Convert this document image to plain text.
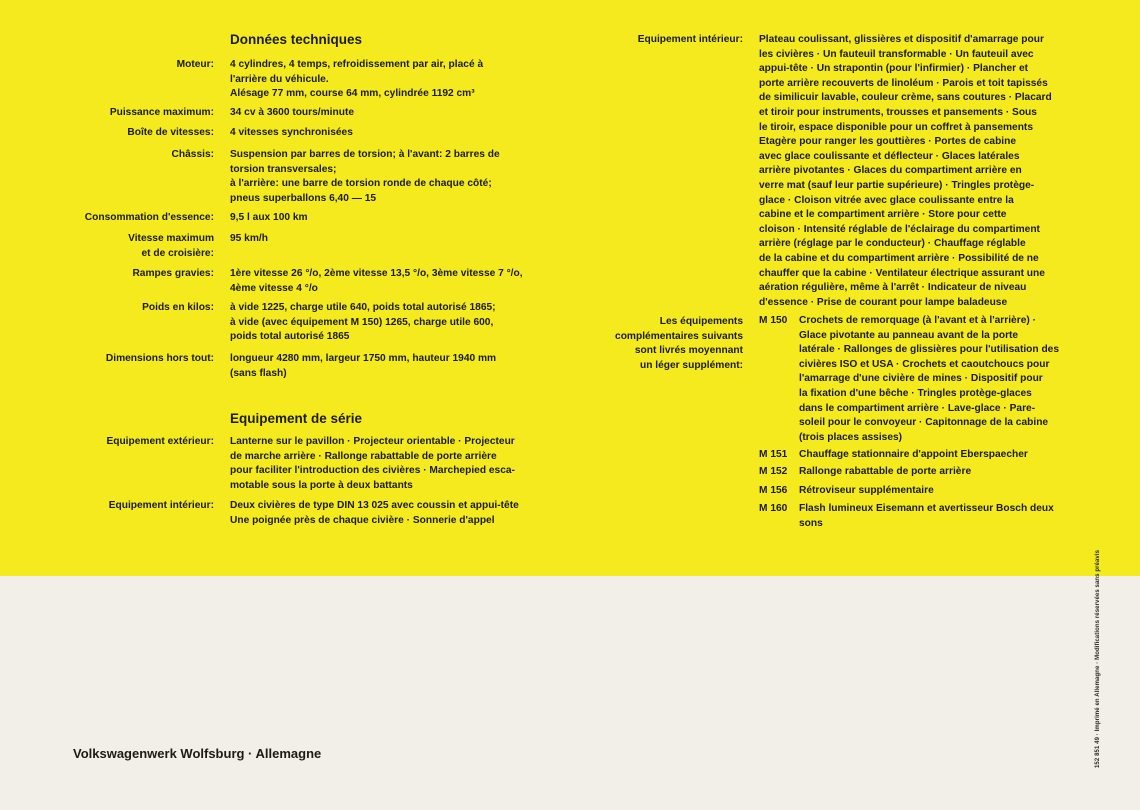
Données techniques
Moteur: 4 cylindres, 4 temps, refroidissement par air, placé à
l'arrière du véhicule.
Alésage 77 mm, course 64 mm, cylindrée 1192 cm³
Puissance maximum: 34 cv à 3600 tours/minute
Boîte de vitesses: 4 vitesses synchronisées
Châssis: Suspension par barres de torsion; à l'avant: 2 barres de
torsion transversales;
à l'arrière: une barre de torsion ronde de chaque côté;
pneus superballons 6,40 — 15
Consommation d'essence: 9,5 l aux 100 km
Vitesse maximum
et de croisière:
95 km/h
Rampes gravies: 1ère vitesse 26 °/o, 2ème vitesse 13,5 °/o, 3ème vitesse 7 °/o,
4ème vitesse 4 °/o
Poids en kilos: à vide 1225, charge utile 640, poids total autorisé 1865;
à vide (avec équipement M 150) 1265, charge utile 600,
poids total autorisé 1865
Dimensions hors tout: longueur 4280 mm, largeur 1750 mm, hauteur 1940 mm
(sans flash)
Equipement de série
Equipement extérieur: Lanterne sur le pavillon · Projecteur orientable · Projecteur
de marche arrière · Rallonge rabattable de porte arrière
pour faciliter l'introduction des civières · Marchepied esca-
motable sous la porte à deux battants
Equipement intérieur: Deux civières de type DIN 13 025 avec coussin et appui-tête
Une poignée près de chaque civière · Sonnerie d'appel
Equipement intérieur: Plateau coulissant, glissières et dispositif d'amarrage pour
les civières · Un fauteuil transformable · Un fauteuil avec
appui-tête · Un strapontin (pour l'infirmier) · Plancher et
porte arrière recouverts de linoléum · Parois et toit tapissés
de similicuir lavable, couleur crème, sans coutures · Placard
et tiroir pour instruments, trousses et pansements · Sous
le tiroir, espace disponible pour un coffret à pansements
Etagère pour ranger les gouttières · Portes de cabine
avec glace coulissante et déflecteur · Glaces latérales
arrière pivotantes · Glaces du compartiment arrière en
verre mat (sauf leur partie supérieure) · Tringles protège-
glace · Cloison vitrée avec glace coulissante entre la
cabine et le compartiment arrière · Store pour cette
cloison · Intensité réglable de l'éclairage du compartiment
arrière (réglage par le conducteur) · Chauffage réglable
de la cabine et du compartiment arrière · Possibilité de ne
chauffer que la cabine · Ventilateur électrique assurant une
aération régulière, même à l'arrêt · Indicateur de niveau
d'essence · Prise de courant pour lampe baladeuse
Les équipements
complémentaires suivants
sont livrés moyennant
un léger supplément:
M 150 Crochets de remorquage (à l'avant et à l'arrière) ·
Glace pivotante au panneau avant de la porte
latérale · Rallonges de glissières pour l'utilisation des
civières ISO et USA · Crochets et caoutchoucs pour
l'amarrage d'une civière de mines · Dispositif pour
la fixation d'une bêche · Tringles protège-glaces
dans le compartiment arrière · Lave-glace · Pare-
soleil pour le convoyeur · Capitonnage de la cabine
(trois places assises)
M 151 Chauffage stationnaire d'appoint Eberspaecher
M 152 Rallonge rabattable de porte arrière
M 156 Rétroviseur supplémentaire
M 160 Flash lumineux Eisemann et avertisseur Bosch deux
sons
Volkswagenwerk Wolfsburg · Allemagne	152 851 49 · Imprimé en Allemagne · Modifications réservées sans préavis
